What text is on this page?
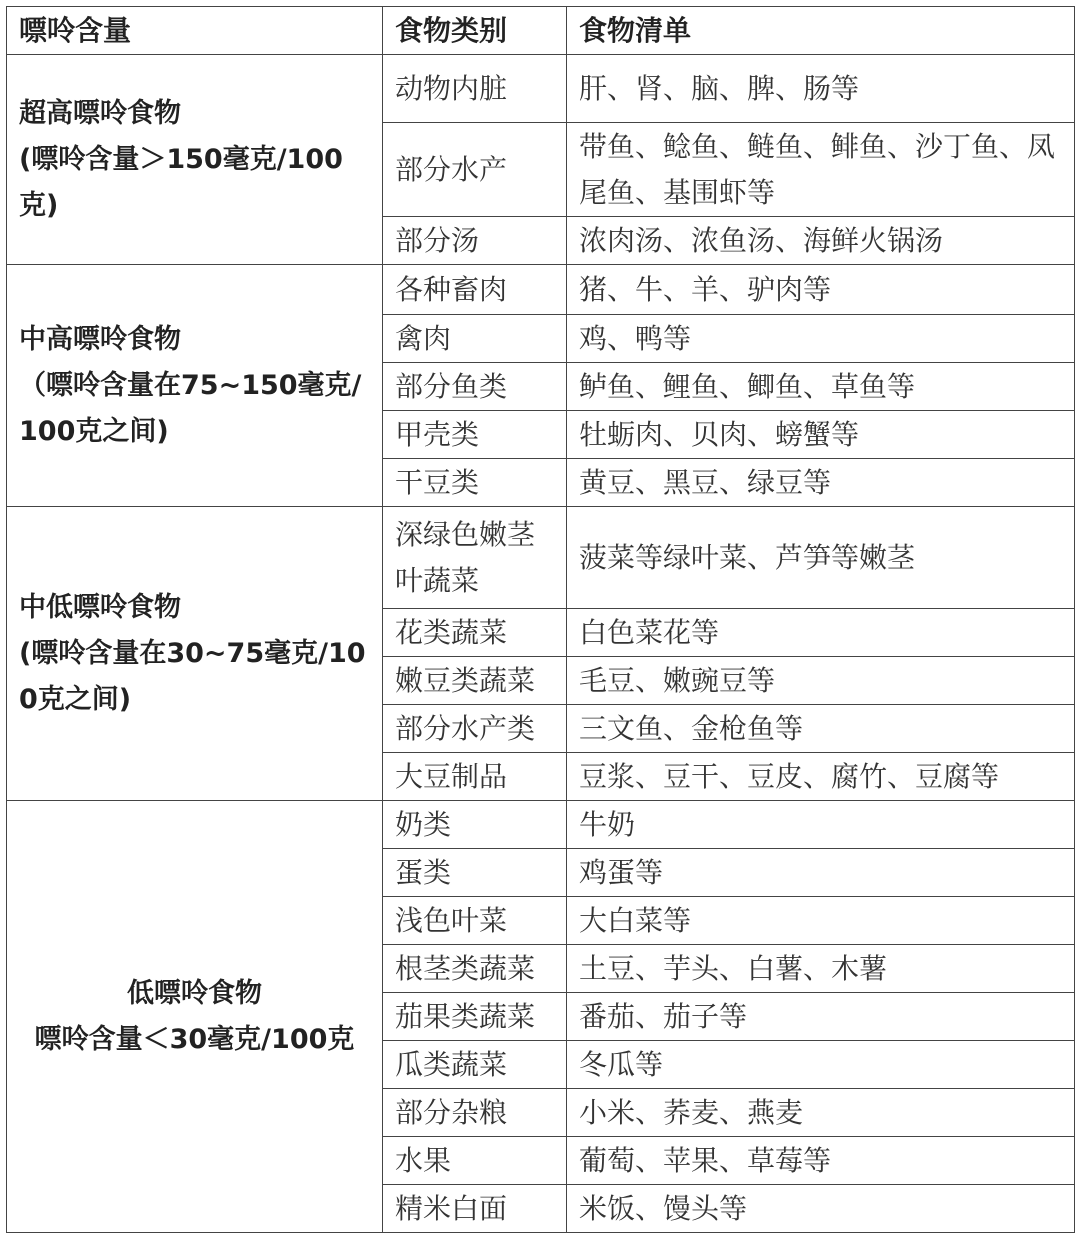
嘌呤含量	食物类别	食物清单

超高嘌呤食物
(嘌呤含量＞150毫克/100克)	动物内脏	肝、肾、脑、脾、肠等
	部分水产	带鱼、鲶鱼、鲢鱼、鲱鱼、沙丁鱼、凤尾鱼、基围虾等
	部分汤	浓肉汤、浓鱼汤、海鲜火锅汤

中高嘌呤食物
（嘌呤含量在75~150毫克/100克之间)	各种畜肉	猪、牛、羊、驴肉等
	禽肉	鸡、鸭等
	部分鱼类	鲈鱼、鲤鱼、鲫鱼、草鱼等
	甲壳类	牡蛎肉、贝肉、螃蟹等
	干豆类	黄豆、黑豆、绿豆等

中低嘌呤食物
(嘌呤含量在30~75毫克/100克之间)	深绿色嫩茎叶蔬菜	菠菜等绿叶菜、芦笋等嫩茎
	花类蔬菜	白色菜花等
	嫩豆类蔬菜	毛豆、嫩豌豆等
	部分水产类	三文鱼、金枪鱼等
	大豆制品	豆浆、豆干、豆皮、腐竹、豆腐等

低嘌呤食物
嘌呤含量＜30毫克/100克	奶类	牛奶
	蛋类	鸡蛋等
	浅色叶菜	大白菜等
	根茎类蔬菜	土豆、芋头、白薯、木薯
	茄果类蔬菜	番茄、茄子等
	瓜类蔬菜	冬瓜等
	部分杂粮	小米、荞麦、燕麦
	水果	葡萄、苹果、草莓等
	精米白面	米饭、馒头等
